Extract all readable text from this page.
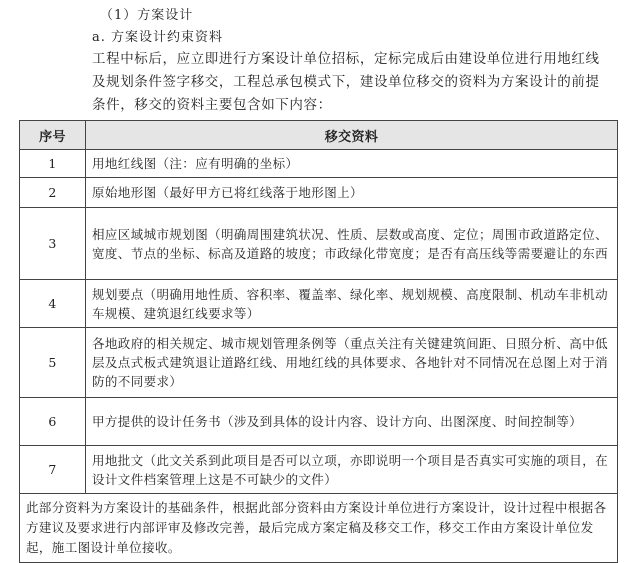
（1）方案设计
a. 方案设计约束资料
工程中标后，应立即进行方案设计单位招标，定标完成后由建设单位进行用地红线及规划条件签字移交，工程总承包模式下，建设单位移交的资料为方案设计的前提条件，移交的资料主要包含如下内容：
序号	移交资料
1	用地红线图（注：应有明确的坐标）
2	原始地形图（最好甲方已将红线落于地形图上）
3	相应区域城市规划图（明确周围建筑状况、性质、层数或高度、定位；周围市政道路定位、宽度、节点的坐标、标高及道路的坡度；市政绿化带宽度；是否有高压线等需要避让的东西
4	规划要点（明确用地性质、容积率、覆盖率、绿化率、规划规模、高度限制、机动车非机动车规模、建筑退红线要求等）
5	各地政府的相关规定、城市规划管理条例等（重点关注有关键建筑间距、日照分析、高中低层及点式板式建筑退让道路红线、用地红线的具体要求、各地针对不同情况在总图上对于消防的不同要求）
6	甲方提供的设计任务书（涉及到具体的设计内容、设计方向、出图深度、时间控制等）
7	用地批文（此文关系到此项目是否可以立项，亦即说明一个项目是否真实可实施的项目，在设计文件档案管理上这是不可缺少的文件）
此部分资料为方案设计的基础条件，根据此部分资料由方案设计单位进行方案设计，设计过程中根据各方建议及要求进行内部评审及修改完善，最后完成方案定稿及移交工作，移交工作由方案设计单位发起，施工图设计单位接收。	
